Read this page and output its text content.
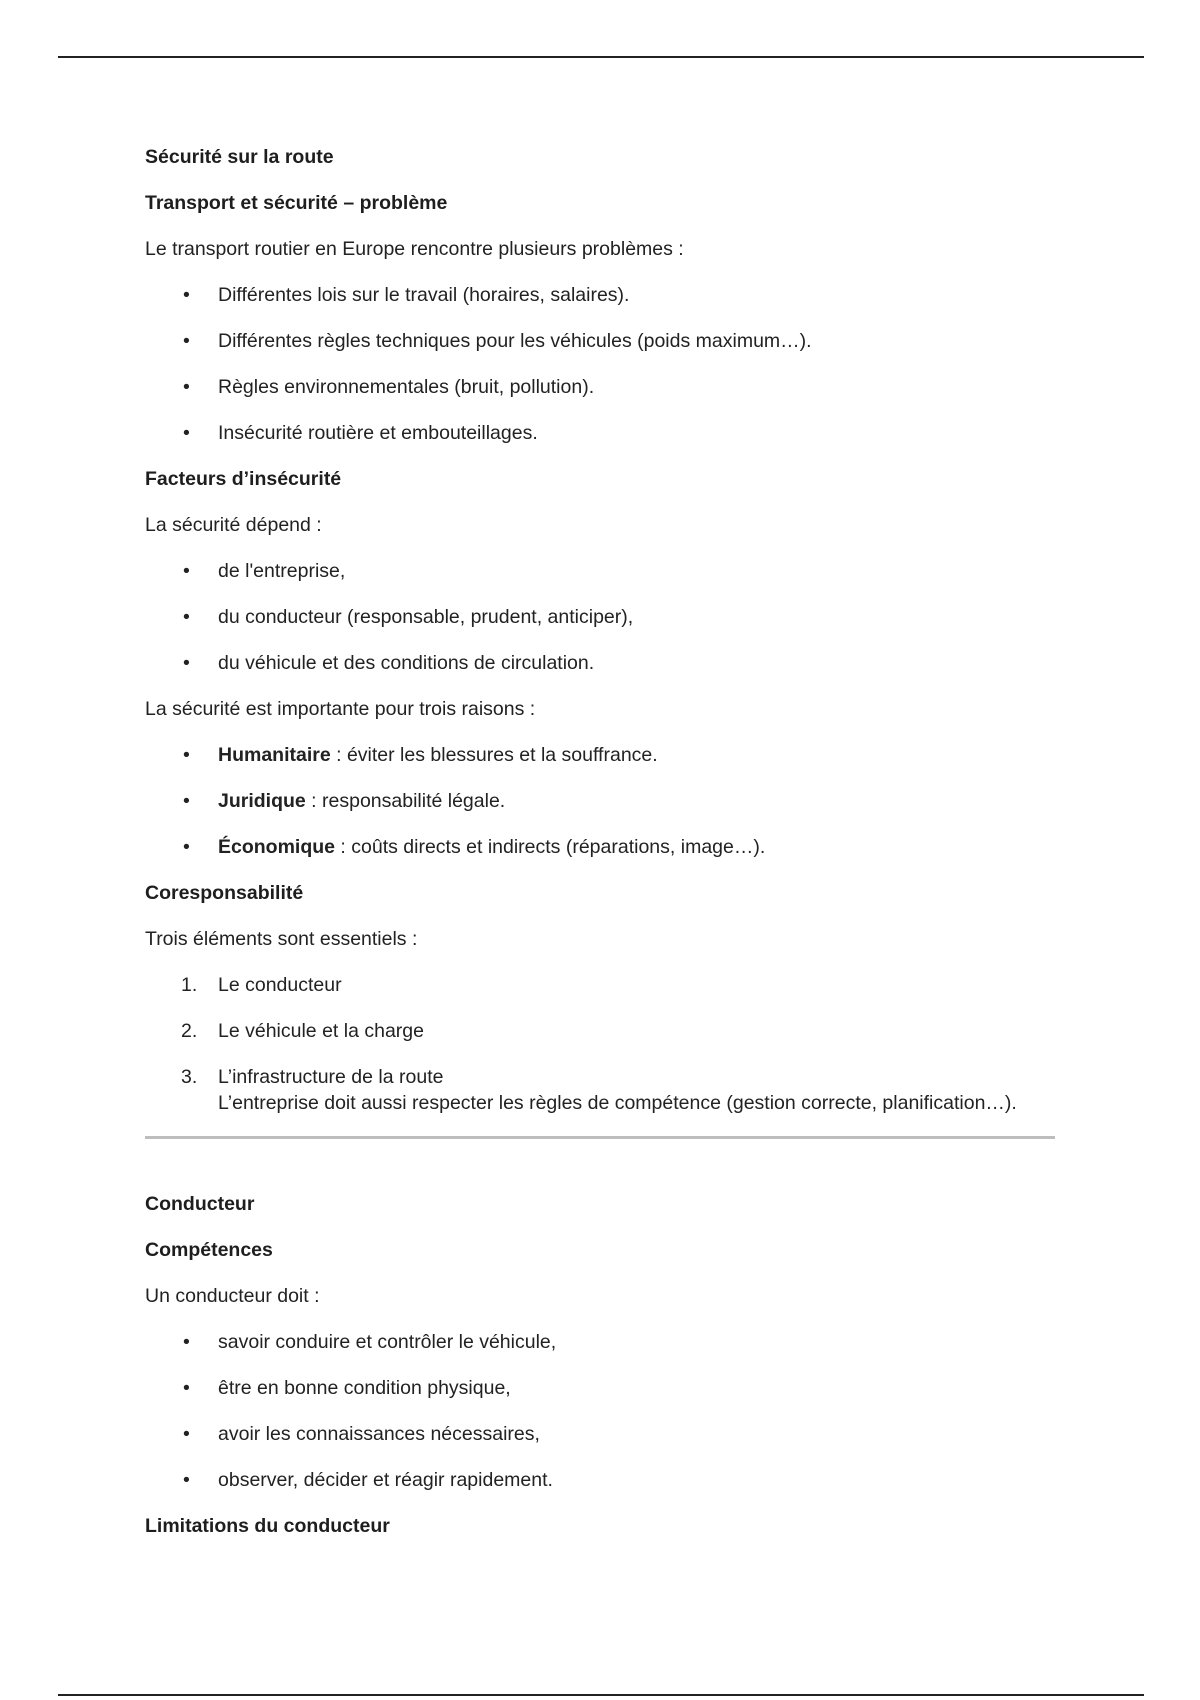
Sécurité sur la route

Transport et sécurité – problème

Le transport routier en Europe rencontre plusieurs problèmes :

•	Différentes lois sur le travail (horaires, salaires).
•	Différentes règles techniques pour les véhicules (poids maximum…).
•	Règles environnementales (bruit, pollution).
•	Insécurité routière et embouteillages.

Facteurs d’insécurité

La sécurité dépend :

•	de l'entreprise,
•	du conducteur (responsable, prudent, anticiper),
•	du véhicule et des conditions de circulation.

La sécurité est importante pour trois raisons :

•	Humanitaire : éviter les blessures et la souffrance.
•	Juridique : responsabilité légale.
•	Économique : coûts directs et indirects (réparations, image…).

Coresponsabilité

Trois éléments sont essentiels :

1.	Le conducteur
2.	Le véhicule et la charge
3.	L’infrastructure de la route
L’entreprise doit aussi respecter les règles de compétence (gestion correcte, planification…).

Conducteur

Compétences

Un conducteur doit :

•	savoir conduire et contrôler le véhicule,
•	être en bonne condition physique,
•	avoir les connaissances nécessaires,
•	observer, décider et réagir rapidement.

Limitations du conducteur
